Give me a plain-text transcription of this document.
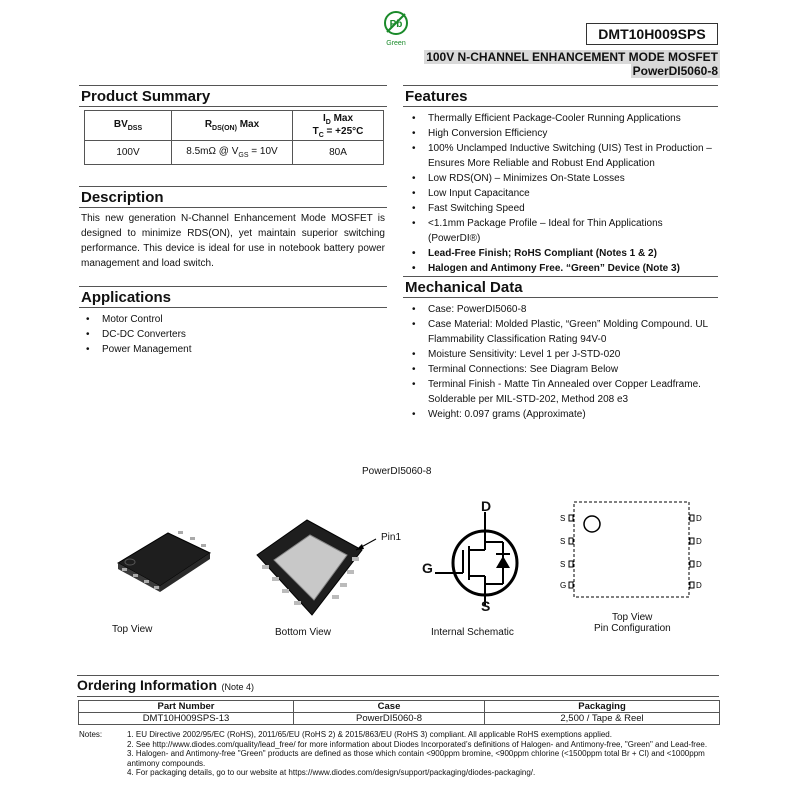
Pb
Green
DMT10H009SPS
100V N-CHANNEL ENHANCEMENT MODE MOSFET
PowerDI5060-8
Product Summary
$BV_{DSS}$	$R_{DS(ON)}$ Max	$I_D$ Max
$T_C = +25^\circ C$
100V	8.5mΩ @ $V_{GS} = 10V$	80A
Description
This new generation N-Channel Enhancement Mode MOSFET is designed to minimize RDS(ON), yet maintain superior switching performance. This device is ideal for use in notebook battery power management and load switch.
Applications
• Motor Control
• DC-DC Converters
• Power Management
Features
• Thermally Efficient Package-Cooler Running Applications
• High Conversion Efficiency
• 100% Unclamped Inductive Switching (UIS) Test in Production – Ensures More Reliable and Robust End Application
• Low RDS(ON) – Minimizes On-State Losses
• Low Input Capacitance
• Fast Switching Speed
• <1.1mm Package Profile – Ideal for Thin Applications (PowerDI®)
• Lead-Free Finish; RoHS Compliant (Notes 1 & 2)
• Halogen and Antimony Free. “Green” Device (Note 3)
Mechanical Data
• Case: PowerDI5060-8
• Case Material: Molded Plastic, “Green” Molding Compound. UL Flammability Classification Rating 94V-0
• Moisture Sensitivity: Level 1 per J-STD-020
• Terminal Connections: See Diagram Below
• Terminal Finish - Matte Tin Annealed over Copper Leadframe. Solderable per MIL-STD-202, Method 208 e3
• Weight: 0.097 grams (Approximate)
PowerDI5060-8
Top View
Pin1
Bottom View
D
G
S
Internal Schematic
S
S
S
G
D
D
D
D
Top View
Pin Configuration
Ordering Information (Note 4)
Part Number	Case	Packaging
DMT10H009SPS-13	PowerDI5060-8	2,500 / Tape & Reel
Notes:	1. EU Directive 2002/95/EC (RoHS), 2011/65/EU (RoHS 2) & 2015/863/EU (RoHS 3) compliant. All applicable RoHS exemptions applied.
2. See http://www.diodes.com/quality/lead_free/ for more information about Diodes Incorporated’s definitions of Halogen- and Antimony-free, "Green" and Lead-free.
3. Halogen- and Antimony-free "Green" products are defined as those which contain <900ppm bromine, <900ppm chlorine (<1500ppm total Br + Cl) and <1000ppm antimony compounds.
4. For packaging details, go to our website at https://www.diodes.com/design/support/packaging/diodes-packaging/.
